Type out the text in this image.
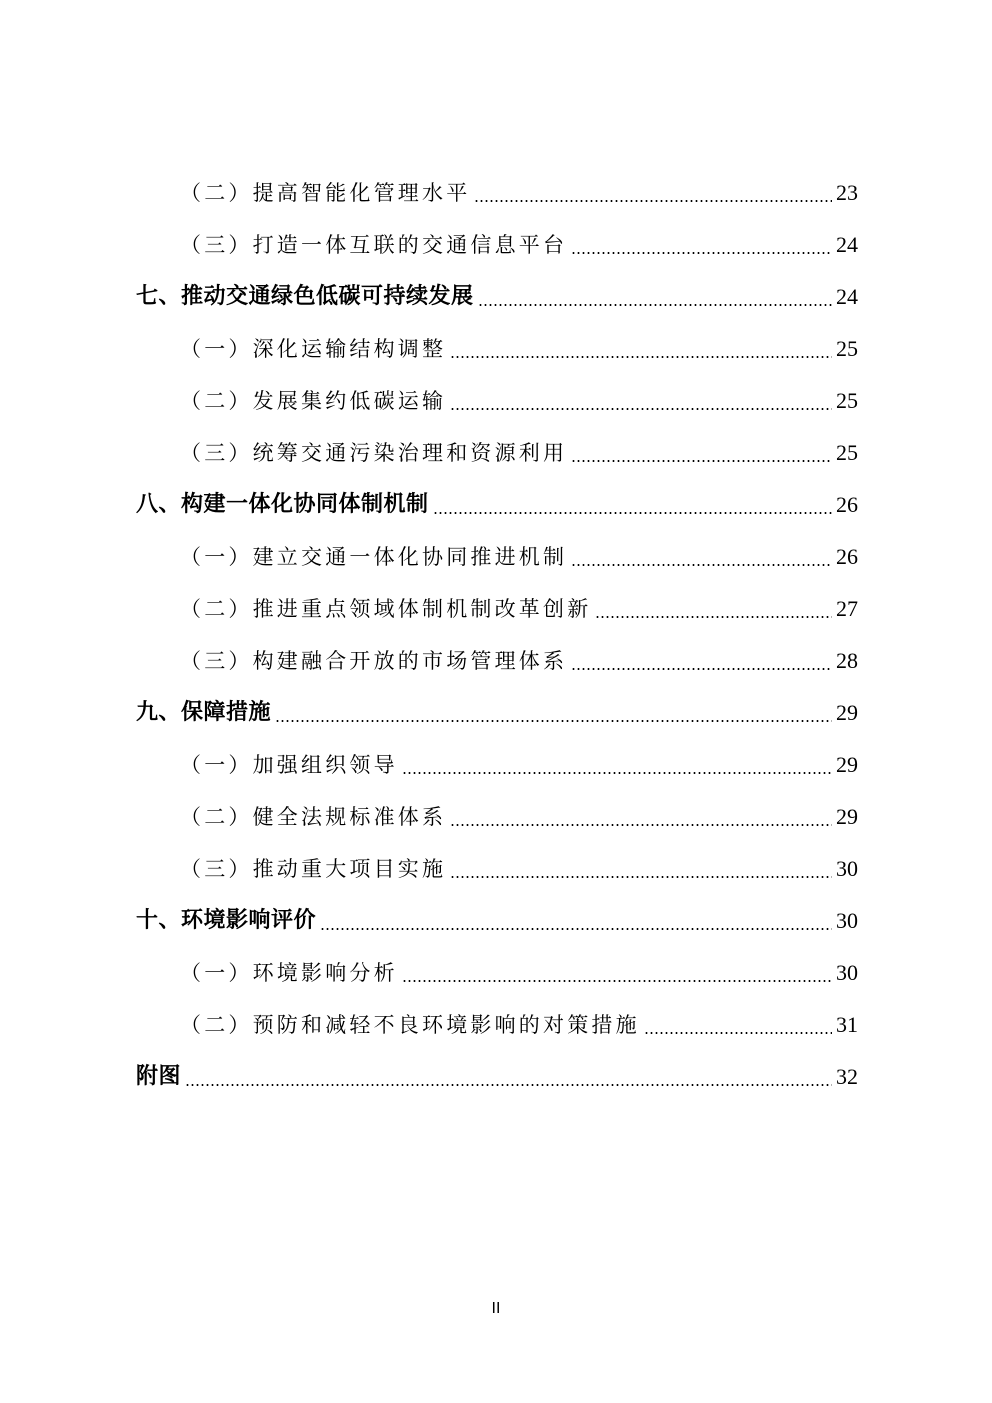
（二）提高智能化管理水平	23
（三）打造一体互联的交通信息平台	24
七、推动交通绿色低碳可持续发展	24
（一）深化运输结构调整	25
（二）发展集约低碳运输	25
（三）统筹交通污染治理和资源利用	25
八、构建一体化协同体制机制	26
（一）建立交通一体化协同推进机制	26
（二）推进重点领域体制机制改革创新	27
（三）构建融合开放的市场管理体系	28
九、保障措施	29
（一）加强组织领导	29
（二）健全法规标准体系	29
（三）推动重大项目实施	30
十、环境影响评价	30
（一）环境影响分析	30
（二）预防和减轻不良环境影响的对策措施	31
附图	32
II
